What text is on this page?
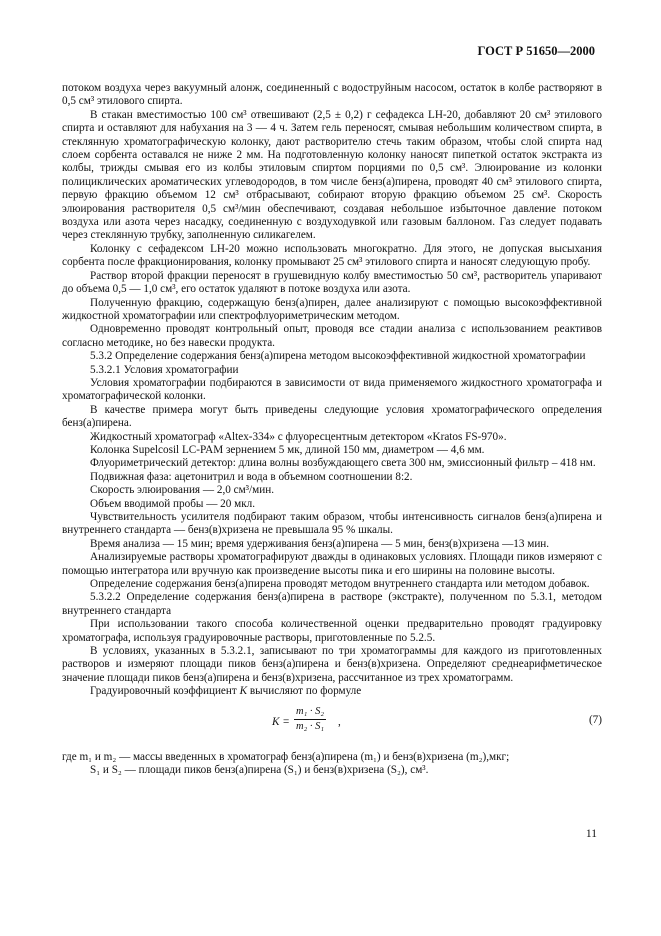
ГОСТ Р 51650—2000

потоком воздуха через вакуумный алонж, соединенный с водоструйным насосом, остаток в колбе растворяют в 0,5 см³ этилового спирта.

В стакан вместимостью 100 см³ отвешивают (2,5 ± 0,2) г сефадекса LH-20, добавляют 20 см³ этилового спирта и оставляют для набухания на 3 — 4 ч. Затем гель переносят, смывая небольшим количеством спирта, в стеклянную хроматографическую колонку, дают растворителю стечь таким образом, чтобы слой спирта над слоем сорбента оставался не ниже 2 мм. На подготовленную колонку наносят пипеткой остаток экстракта из колбы, трижды смывая его из колбы этиловым спиртом порциями по 0,5 см³. Элюирование из колонки полициклических ароматических углеводородов, в том числе бенз(а)пирена, проводят 40 см³ этилового спирта, первую фракцию объемом 12 см³ отбрасывают, собирают вторую фракцию объемом 25 см³. Скорость элюирования растворителя 0,5 см³/мин обеспечивают, создавая небольшое избыточное давление потоком воздуха или азота через насадку, соединенную с воздуходувкой или газовым баллоном. Газ следует подавать через стеклянную трубку, заполненную силикагелем.

Колонку с сефадексом LH-20 можно использовать многократно. Для этого, не допуская высыхания сорбента после фракционирования, колонку промывают 25 см³ этилового спирта и наносят следующую пробу.

Раствор второй фракции переносят в грушевидную колбу вместимостью 50 см³, растворитель упаривают до объема 0,5 — 1,0 см³, его остаток удаляют в потоке воздуха или азота.

Полученную фракцию, содержащую бенз(а)пирен, далее анализируют с помощью высокоэффективной жидкостной хроматографии или спектрофлуориметрическим методом.

Одновременно проводят контрольный опыт, проводя все стадии анализа с использованием реактивов согласно методике, но без навески продукта.

5.3.2 Определение содержания бенз(а)пирена методом высокоэффективной жидкостной хроматографии

5.3.2.1 Условия хроматографии

Условия хроматографии подбираются в зависимости от вида применяемого жидкостного хроматографа и хроматографической колонки.

В качестве примера могут быть приведены следующие условия хроматографического определения бенз(а)пирена.

Жидкостный хроматограф «Altex-334» с флуоресцентным детектором «Kratos FS-970».

Колонка Supelcosil LC-PAM зернением 5 мк, длиной 150 мм, диаметром — 4,6 мм.

Флуориметрический детектор: длина волны возбуждающего света 300 нм, эмиссионный фильтр – 418 нм.

Подвижная фаза: ацетонитрил и вода в объемном соотношении 8:2.

Скорость элюирования — 2,0 см³/мин.

Объем вводимой пробы — 20 мкл.

Чувствительность усилителя подбирают таким образом, чтобы интенсивность сигналов бенз(а)пирена и внутреннего стандарта — бенз(в)хризена не превышала 95 % шкалы.

Время анализа — 15 мин; время удерживания бенз(а)пирена — 5 мин, бенз(в)хризена —13 мин.

Анализируемые растворы хроматографируют дважды в одинаковых условиях. Площади пиков измеряют с помощью интегратора или вручную как произведение высоты пика и его ширины на половине высоты.

Определение содержания бенз(а)пирена проводят методом внутреннего стандарта или методом добавок.

5.3.2.2 Определение содержания бенз(а)пирена в растворе (экстракте), полученном по 5.3.1, методом внутреннего стандарта

При использовании такого способа количественной оценки предварительно проводят градуировку хроматографа, используя градуировочные растворы, приготовленные по 5.2.5.

В условиях, указанных в 5.3.2.1, записывают по три хроматограммы для каждого из приготовленных растворов и измеряют площади пиков бенз(а)пирена и бенз(в)хризена. Определяют среднеарифметическое значение площади пиков бенз(а)пирена и бенз(в)хризена, рассчитанное из трех хроматограмм.

Градуировочный коэффициент K вычисляют по формуле

$K = \frac{\text{m₁ · S₂}}{\text{m₂ · S₁}}$ ,	(7)

где m₁ и m₂ — массы введенных в хроматограф бенз(а)пирена (m₁) и бенз(в)хризена (m₂),мкг;

S₁ и S₂ — площади пиков бенз(а)пирена (S₁) и бенз(в)хризена (S₂), см³.

11
